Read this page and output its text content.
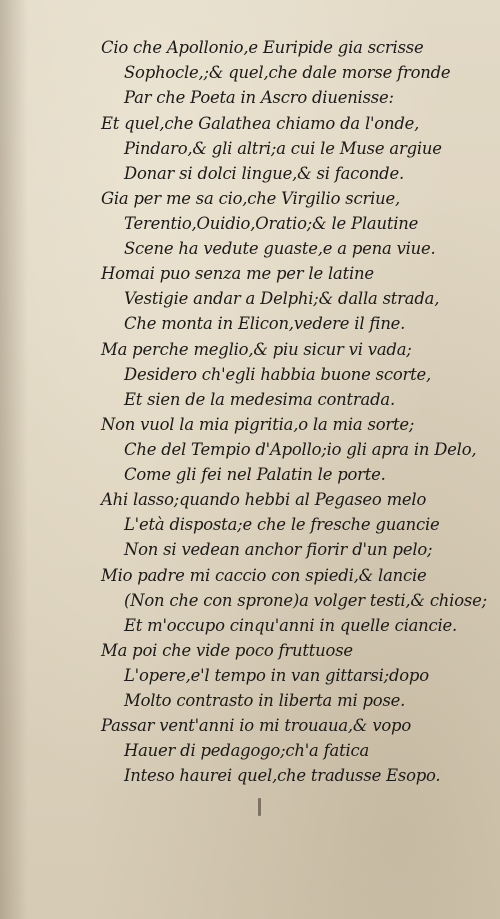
Cio che Apollonio,e Euripide gia scrisse
Sophocle,;& quel,che dale morse fronde
Par che Poeta in Ascro diuenisse:
Et quel,che Galathea chiamo da l'onde,
Pindaro,& gli altri;a cui le Muse argiue
Donar si dolci lingue,& si faconde.
Gia per me sa cio,che Virgilio scriue,
Terentio,Ouidio,Oratio;& le Plautine
Scene ha vedute guaste,e a pena viue.
Homai puo senza me per le latine
Vestigie andar a Delphi;& dalla strada,
Che monta in Elicon,vedere il fine.
Ma perche meglio,& piu sicur vi vada;
Desidero ch'egli habbia buone scorte,
Et sien de la medesima contrada.
Non vuol la mia pigritia,o la mia sorte;
Che del Tempio d'Apollo;io gli apra in Delo,
Come gli fei nel Palatin le porte.
Ahi lasso;quando hebbi al Pegaseo melo
L'età disposta;e che le fresche guancie
Non si vedean anchor fiorir d'un pelo;
Mio padre mi caccio con spiedi,& lancie
(Non che con sprone)a volger testi,& chiose;
Et m'occupo cinqu'anni in quelle ciancie.
Ma poi che vide poco fruttuose
L'opere,e'l tempo in van gittarsi;dopo
Molto contrasto in liberta mi pose.
Passar vent'anni io mi trouaua,& vopo
Hauer di pedagogo;ch'a fatica
Inteso haurei quel,che tradusse Esopo.
